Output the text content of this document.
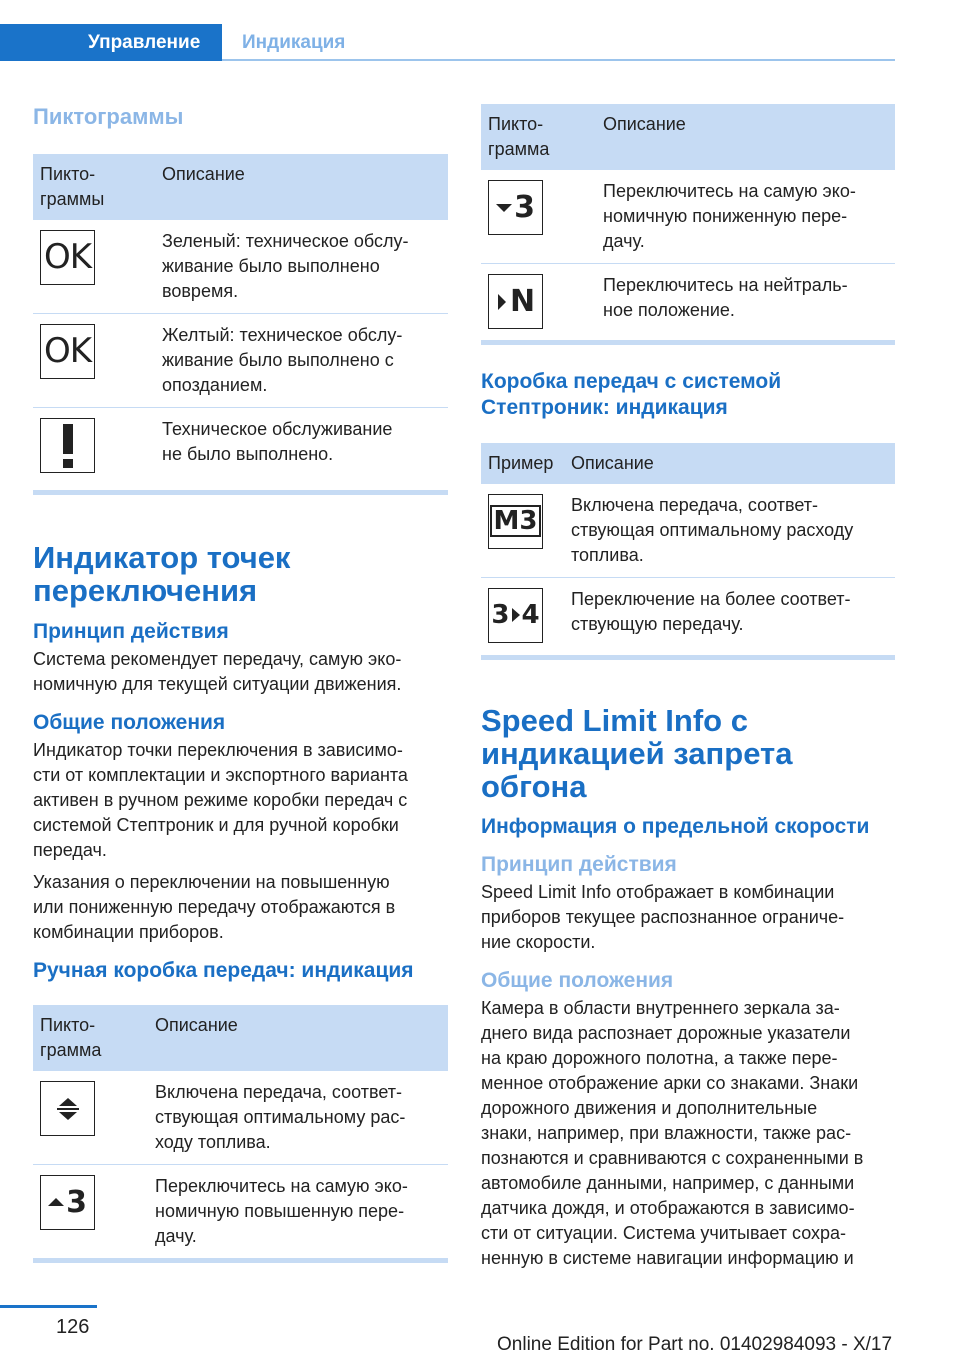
Управление	Индикация
Пиктограммы
Пикто-
граммы	Описание

OK	Зеленый: техническое обслу-
живание было выполнено
вовремя.

OK	Желтый: техническое обслу-
живание было выполнено с
опозданием.

	Техническое обслуживание
не было выполнено.
Индикатор точек
переключения
Принцип действия
Система рекомендует передачу, самую эко-
номичную для текущей ситуации движения.
Общие положения
Индикатор точки переключения в зависимо-
сти от комплектации и экспортного варианта
активен в ручном режиме коробки передач с
системой Стептроник и для ручной коробки
передач.
Указания о переключении на повышенную
или пониженную передачу отображаются в
комбинации приборов.
Ручная коробка передач: индикация
Пикто-
грамма	Описание

	Включена передача, соответ-
ствующая оптимальному рас-
ходу топлива.

3	Переключитесь на самую эко-
номичную повышенную пере-
дачу.
Пикто-
грамма	Описание

3	Переключитесь на самую эко-
номичную пониженную пере-
дачу.

N	Переключитесь на нейтраль-
ное положение.
Коробка передач с системой
Стептроник: индикация
Пример	Описание

M3	Включена передача, соответ-
ствующая оптимальному расходу
топлива.

3 4	Переключение на более соответ-
ствующую передачу.
Speed Limit Info с
индикацией запрета обгона
Информация о предельной скорости
Принцип действия
Speed Limit Info отображает в комбинации
приборов текущее распознанное ограниче-
ние скорости.
Общие положения
Камера в области внутреннего зеркала за-
днего вида распознает дорожные указатели
на краю дорожного полотна, а также пере-
менное отображение арки со знаками. Знаки
дорожного движения и дополнительные
знаки, например, при влажности, также рас-
познаются и сравниваются с сохраненными в
автомобиле данными, например, с данными
датчика дождя, и отображаются в зависимо-
сти от ситуации. Система учитывает сохра-
ненную в системе навигации информацию и
126
Online Edition for Part no. 01402984093 - X/17
